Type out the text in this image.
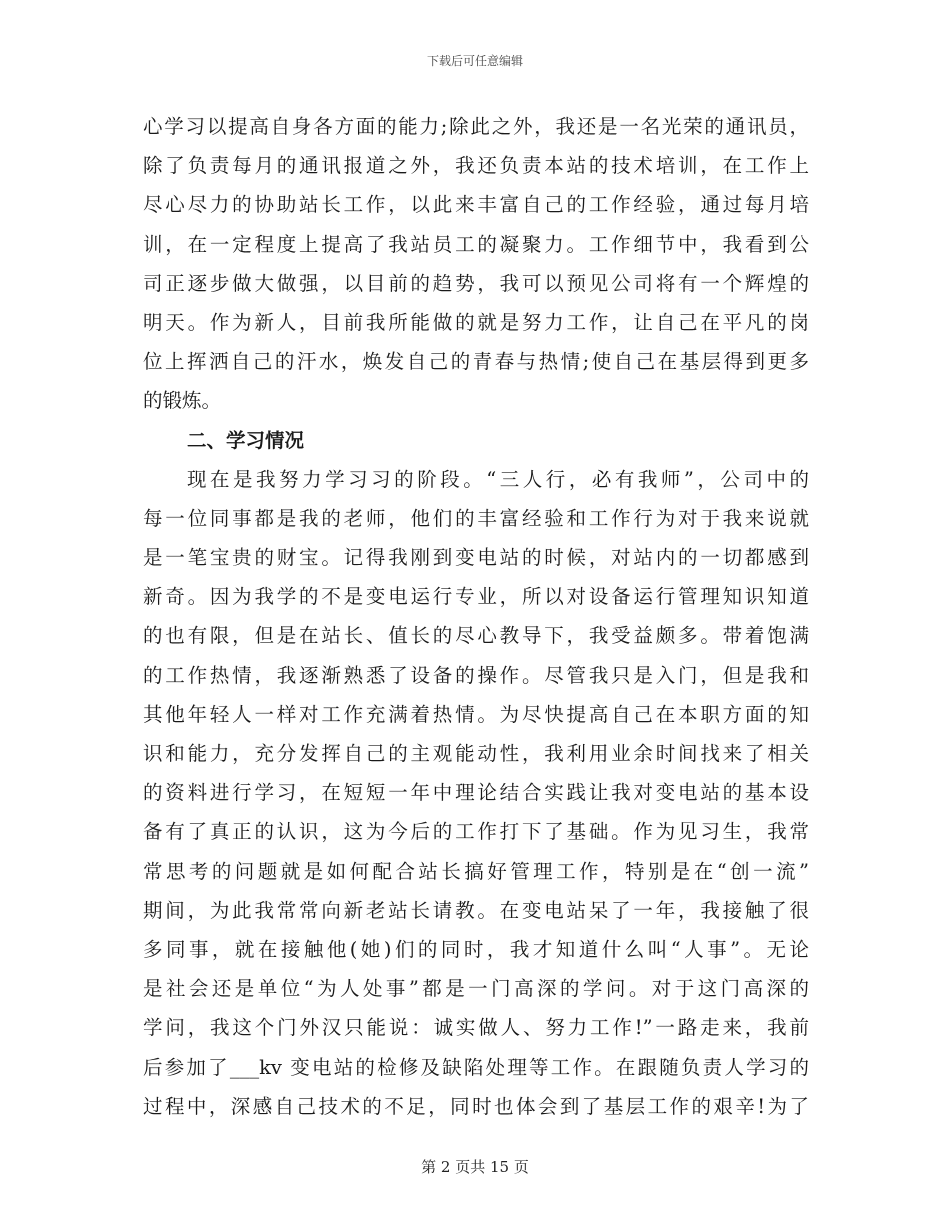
下载后可任意编辑
心学习以提高自身各方面的能力;除此之外，我还是一名光荣的通讯员，
除了负责每月的通讯报道之外，我还负责本站的技术培训，在工作上
尽心尽力的协助站长工作，以此来丰富自己的工作经验，通过每月培
训，在一定程度上提高了我站员工的凝聚力。工作细节中，我看到公
司正逐步做大做强，以目前的趋势，我可以预见公司将有一个辉煌的
明天。作为新人，目前我所能做的就是努力工作，让自己在平凡的岗
位上挥洒自己的汗水，焕发自己的青春与热情;使自己在基层得到更多
的锻炼。
二、学习情况
现在是我努力学习习的阶段。“三人行，必有我师”，公司中的
每一位同事都是我的老师，他们的丰富经验和工作行为对于我来说就
是一笔宝贵的财宝。记得我刚到变电站的时候，对站内的一切都感到
新奇。因为我学的不是变电运行专业，所以对设备运行管理知识知道
的也有限，但是在站长、值长的尽心教导下，我受益颇多。带着饱满
的工作热情，我逐渐熟悉了设备的操作。尽管我只是入门，但是我和
其他年轻人一样对工作充满着热情。为尽快提高自己在本职方面的知
识和能力，充分发挥自己的主观能动性，我利用业余时间找来了相关
的资料进行学习，在短短一年中理论结合实践让我对变电站的基本设
备有了真正的认识，这为今后的工作打下了基础。作为见习生，我常
常思考的问题就是如何配合站长搞好管理工作，特别是在“创一流”
期间，为此我常常向新老站长请教。在变电站呆了一年，我接触了很
多同事，就在接触他(她)们的同时，我才知道什么叫“人事”。无论
是社会还是单位“为人处事”都是一门高深的学问。对于这门高深的
学问，我这个门外汉只能说：诚实做人、努力工作!”一路走来，我前
后参加了___kv 变电站的检修及缺陷处理等工作。在跟随负责人学习的
过程中，深感自己技术的不足，同时也体会到了基层工作的艰辛!为了
第 2 页共 15 页
